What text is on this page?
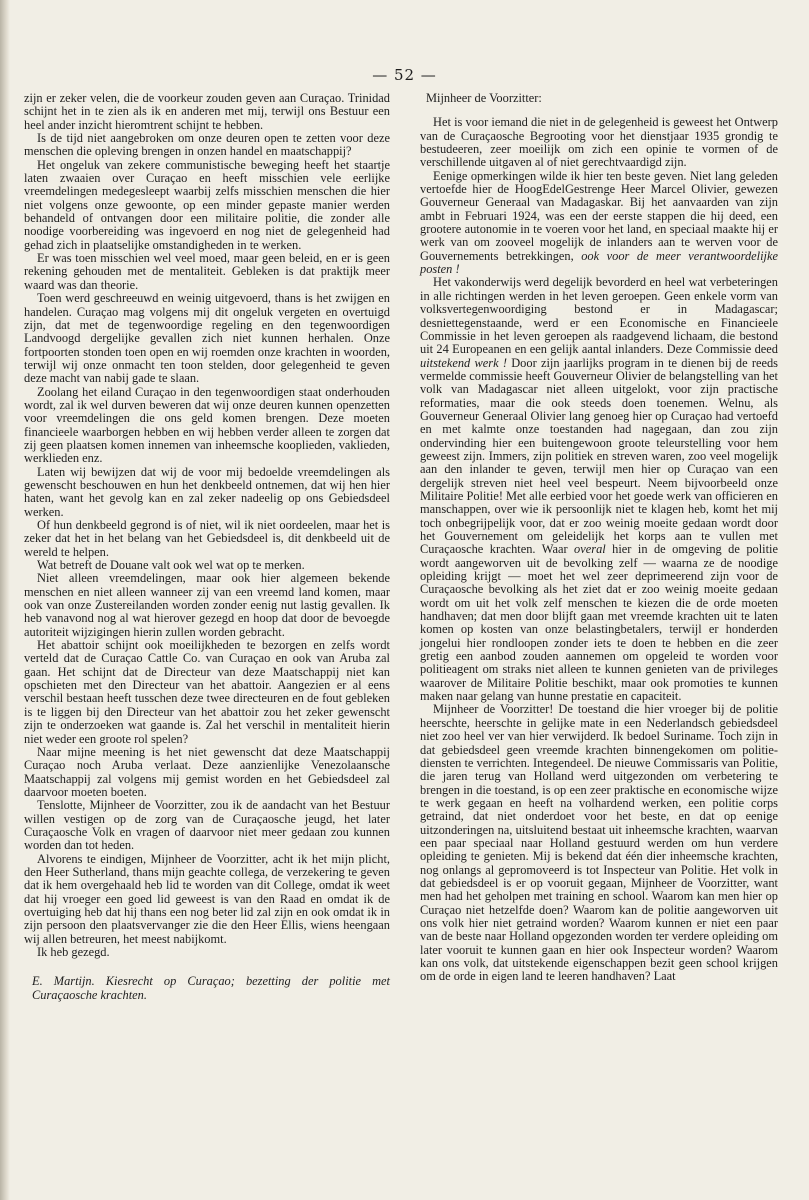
— 52 —

zijn er zeker velen, die de voorkeur zouden geven aan Curaçao. Trinidad schijnt het in te zien als ik en anderen met mij, terwijl ons Bestuur een heel ander inzicht hieromtrent schijnt te hebben.

Is de tijd niet aangebroken om onze deuren open te zetten voor deze menschen die opleving brengen in onzen handel en maatschappij?

Het ongeluk van zekere communistische beweging heeft het staartje laten zwaaien over Curaçao en heeft misschien vele eerlijke vreemdelingen medegesleept waarbij zelfs misschien menschen die hier niet volgens onze gewoonte, op een minder gepaste manier werden behandeld of ontvangen door een militaire politie, die zonder alle noodige voorbereiding was ingevoerd en nog niet de gelegenheid had gehad zich in plaatselijke omstandigheden in te werken.

Er was toen misschien wel veel moed, maar geen beleid, en er is geen rekening gehouden met de mentaliteit. Gebleken is dat praktijk meer waard was dan theorie.

Toen werd geschreeuwd en weinig uitgevoerd, thans is het zwijgen en handelen. Curaçao mag volgens mij dit ongeluk vergeten en overtuigd zijn, dat met de tegenwoordige regeling en den tegenwoordigen Landvoogd dergelijke gevallen zich niet kunnen herhalen. Onze fortpoorten stonden toen open en wij roemden onze krachten in woorden, terwijl wij onze onmacht ten toon stelden, door gelegenheid te geven deze macht van nabij gade te slaan.

Zoolang het eiland Curaçao in den tegenwoordigen staat onderhouden wordt, zal ik wel durven beweren dat wij onze deuren kunnen openzetten voor vreemdelingen die ons geld komen brengen. Deze moeten financieele waarborgen hebben en wij hebben verder alleen te zorgen dat zij geen plaatsen komen innemen van inheemsche kooplieden, vaklieden, werklieden enz.

Laten wij bewijzen dat wij de voor mij bedoelde vreemdelingen als gewenscht beschouwen en hun het denkbeeld ontnemen, dat wij hen hier haten, want het gevolg kan en zal zeker nadeelig op ons Gebiedsdeel werken.

Of hun denkbeeld gegrond is of niet, wil ik niet oordeelen, maar het is zeker dat het in het belang van het Gebiedsdeel is, dit denkbeeld uit de wereld te helpen.

Wat betreft de Douane valt ook wel wat op te merken.

Niet alleen vreemdelingen, maar ook hier algemeen bekende menschen en niet alleen wanneer zij van een vreemd land komen, maar ook van onze Zustereilanden worden zonder eenig nut lastig gevallen. Ik heb vanavond nog al wat hierover gezegd en hoop dat door de bevoegde autoriteit wijzigingen hierin zullen worden gebracht.

Het abattoir schijnt ook moeilijkheden te bezorgen en zelfs wordt verteld dat de Curaçao Cattle Co. van Curaçao en ook van Aruba zal gaan. Het schijnt dat de Directeur van deze Maatschappij niet kan opschieten met den Directeur van het abattoir. Aangezien er al eens verschil bestaan heeft tusschen deze twee directeuren en de fout gebleken is te liggen bij den Directeur van het abattoir zou het zeker gewenscht zijn te onderzoeken wat gaande is. Zal het verschil in mentaliteit hierin niet weder een groote rol spelen?

Naar mijne meening is het niet gewenscht dat deze Maatschappij Curaçao noch Aruba verlaat. Deze aanzienlijke Venezolaansche Maatschappij zal volgens mij gemist worden en het Gebiedsdeel zal daarvoor moeten boeten.

Tenslotte, Mijnheer de Voorzitter, zou ik de aandacht van het Bestuur willen vestigen op de zorg van de Curaçaosche jeugd, het later Curaçaosche Volk en vragen of daarvoor niet meer gedaan zou kunnen worden dan tot heden.

Alvorens te eindigen, Mijnheer de Voorzitter, acht ik het mijn plicht, den Heer Sutherland, thans mijn geachte collega, de verzekering te geven dat ik hem overgehaald heb lid te worden van dit College, omdat ik weet dat hij vroeger een goed lid geweest is van den Raad en omdat ik de overtuiging heb dat hij thans een nog beter lid zal zijn en ook omdat ik in zijn persoon den plaatsvervanger zie die den Heer Ellis, wiens heengaan wij allen betreuren, het meest nabijkomt.

Ik heb gezegd.

E. Martijn. Kiesrecht op Curaçao; bezetting der politie met Curaçaosche krachten.

Mijnheer de Voorzitter:

Het is voor iemand die niet in de gelegenheid is geweest het Ontwerp van de Curaçaosche Begrooting voor het dienstjaar 1935 grondig te bestudeeren, zeer moeilijk om zich een opinie te vormen of de verschillende uitgaven al of niet gerechtvaardigd zijn.

Eenige opmerkingen wilde ik hier ten beste geven. Niet lang geleden vertoefde hier de HoogEdelGestrenge Heer Marcel Olivier, gewezen Gouverneur Generaal van Madagaskar. Bij het aanvaarden van zijn ambt in Februari 1924, was een der eerste stappen die hij deed, een grootere autonomie in te voeren voor het land, en speciaal maakte hij er werk van om zooveel mogelijk de inlanders aan te werven voor de Gouvernements betrekkingen, ook voor de meer verantwoordelijke posten !

Het vakonderwijs werd degelijk bevorderd en heel wat verbeteringen in alle richtingen werden in het leven geroepen. Geen enkele vorm van volksvertegenwoordiging bestond er in Madagascar; desniettegenstaande, werd er een Economische en Financieele Commissie in het leven geroepen als raadgevend lichaam, die bestond uit 24 Europeanen en een gelijk aantal inlanders. Deze Commissie deed uitstekend werk ! Door zijn jaarlijks program in te dienen bij de reeds vermelde commissie heeft Gouverneur Olivier de belangstelling van het volk van Madagascar niet alleen uitgelokt, voor zijn practische reformaties, maar die ook steeds doen toenemen. Welnu, als Gouverneur Generaal Olivier lang genoeg hier op Curaçao had vertoefd en met kalmte onze toestanden had nagegaan, dan zou zijn ondervinding hier een buitengewoon groote teleurstelling voor hem geweest zijn. Immers, zijn politiek en streven waren, zoo veel mogelijk aan den inlander te geven, terwijl men hier op Curaçao van een dergelijk streven niet heel veel bespeurt. Neem bijvoorbeeld onze Militaire Politie! Met alle eerbied voor het goede werk van officieren en manschappen, over wie ik persoonlijk niet te klagen heb, komt het mij toch onbegrijpelijk voor, dat er zoo weinig moeite gedaan wordt door het Gouvernement om geleidelijk het korps aan te vullen met Curaçaosche krachten. Waar overal hier in de omgeving de politie wordt aangeworven uit de bevolking zelf — waarna ze de noodige opleiding krijgt — moet het wel zeer deprimeerend zijn voor de Curaçaosche bevolking als het ziet dat er zoo weinig moeite gedaan wordt om uit het volk zelf menschen te kiezen die de orde moeten handhaven; dat men door blijft gaan met vreemde krachten uit te laten komen op kosten van onze belastingbetalers, terwijl er honderden jongelui hier rondloopen zonder iets te doen te hebben en die zeer gretig een aanbod zouden aannemen om opgeleid te worden voor politieagent om straks niet alleen te kunnen genieten van de privileges waarover de Militaire Politie beschikt, maar ook promoties te kunnen maken naar gelang van hunne prestatie en capaciteit.

Mijnheer de Voorzitter! De toestand die hier vroeger bij de politie heerschte, heerschte in gelijke mate in een Nederlandsch gebiedsdeel niet zoo heel ver van hier verwijderd. Ik bedoel Suriname. Toch zijn in dat gebiedsdeel geen vreemde krachten binnengekomen om politie-diensten te verrichten. Integendeel. De nieuwe Commissaris van Politie, die jaren terug van Holland werd uitgezonden om verbetering te brengen in die toestand, is op een zeer praktische en economische wijze te werk gegaan en heeft na volhardend werken, een politie corps getraind, dat niet onderdoet voor het beste, en dat op eenige uitzonderingen na, uitsluitend bestaat uit inheemsche krachten, waarvan een paar speciaal naar Holland gestuurd werden om hun verdere opleiding te genieten. Mij is bekend dat één dier inheemsche krachten, nog onlangs al gepromoveerd is tot Inspecteur van Politie. Het volk in dat gebiedsdeel is er op vooruit gegaan, Mijnheer de Voorzitter, want men had het geholpen met training en school. Waarom kan men hier op Curaçao niet hetzelfde doen? Waarom kan de politie aangeworven uit ons volk hier niet getraind worden? Waarom kunnen er niet een paar van de beste naar Holland opgezonden worden ter verdere opleiding om later vooruit te kunnen gaan en hier ook Inspecteur worden? Waarom kan ons volk, dat uitstekende eigenschappen bezit geen school krijgen om de orde in eigen land te leeren handhaven? Laat
